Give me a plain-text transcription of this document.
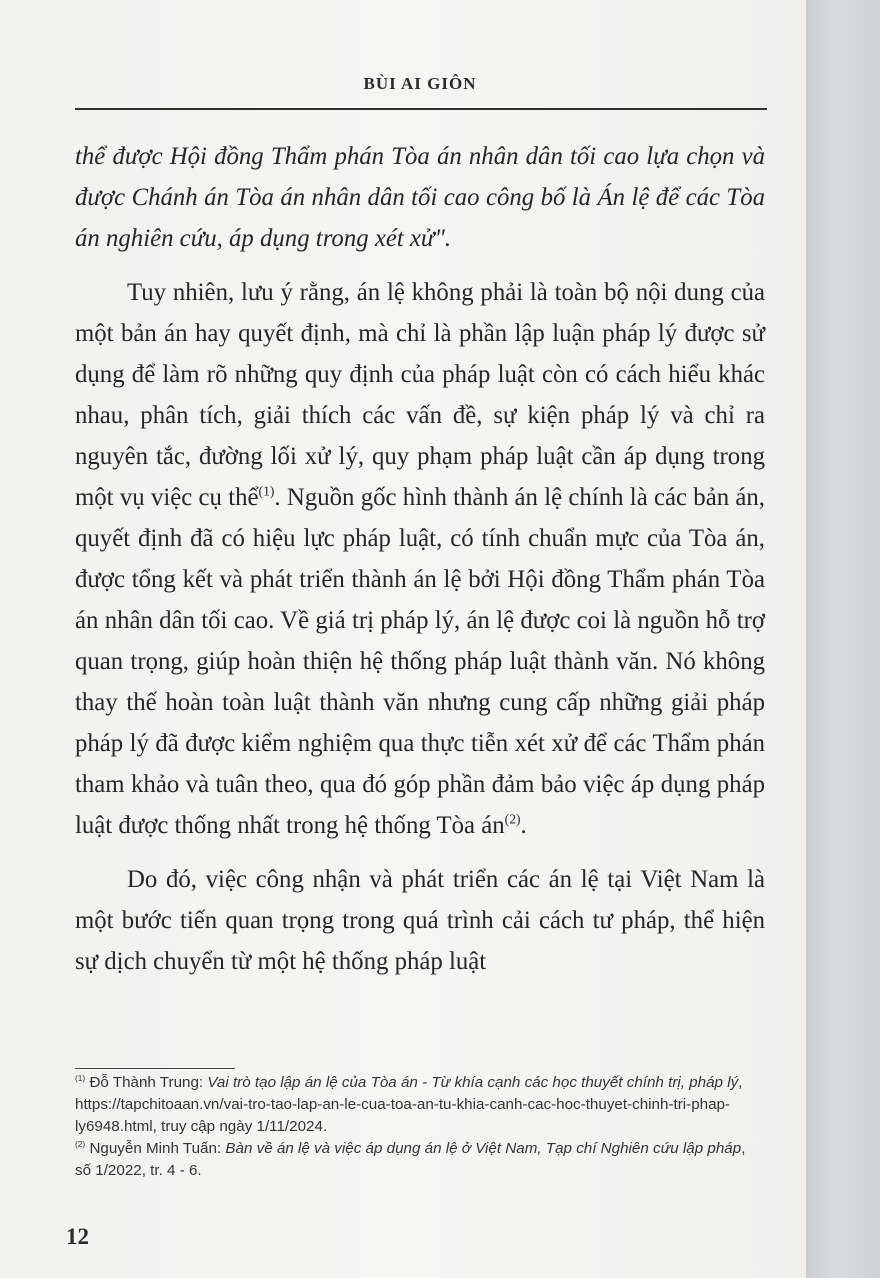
BÙI AI GIÔN

thể được Hội đồng Thẩm phán Tòa án nhân dân tối cao lựa chọn và được Chánh án Tòa án nhân dân tối cao công bố là Án lệ để các Tòa án nghiên cứu, áp dụng trong xét xử".

Tuy nhiên, lưu ý rằng, án lệ không phải là toàn bộ nội dung của một bản án hay quyết định, mà chỉ là phần lập luận pháp lý được sử dụng để làm rõ những quy định của pháp luật còn có cách hiểu khác nhau, phân tích, giải thích các vấn đề, sự kiện pháp lý và chỉ ra nguyên tắc, đường lối xử lý, quy phạm pháp luật cần áp dụng trong một vụ việc cụ thể$^{(1)}$. Nguồn gốc hình thành án lệ chính là các bản án, quyết định đã có hiệu lực pháp luật, có tính chuẩn mực của Tòa án, được tổng kết và phát triển thành án lệ bởi Hội đồng Thẩm phán Tòa án nhân dân tối cao. Về giá trị pháp lý, án lệ được coi là nguồn hỗ trợ quan trọng, giúp hoàn thiện hệ thống pháp luật thành văn. Nó không thay thế hoàn toàn luật thành văn nhưng cung cấp những giải pháp pháp lý đã được kiểm nghiệm qua thực tiễn xét xử để các Thẩm phán tham khảo và tuân theo, qua đó góp phần đảm bảo việc áp dụng pháp luật được thống nhất trong hệ thống Tòa $án^{(2)}$.

Do đó, việc công nhận và phát triển các án lệ tại Việt Nam là một bước tiến quan trọng trong quá trình cải cách tư pháp, thể hiện sự dịch chuyển từ một hệ thống pháp luật

$^{(1)}$ Đỗ Thành Trung: Vai trò tạo lập án lệ của Tòa án - Từ khía cạnh các học thuyết chính trị, pháp lý, https://tapchitoaan.vn/vai-tro-tao-lap-an-le-cua-toa-an-tu-khia-canh-cac-hoc-thuyet-chinh-tri-phap-ly6948.html, truy cập ngày 1/11/2024.

$^{(2)}$ Nguyễn Minh Tuấn: Bàn về án lệ và việc áp dụng án lệ ở Việt Nam, Tạp chí Nghiên cứu lập pháp, số 1/2022, tr. 4 - 6.

12
